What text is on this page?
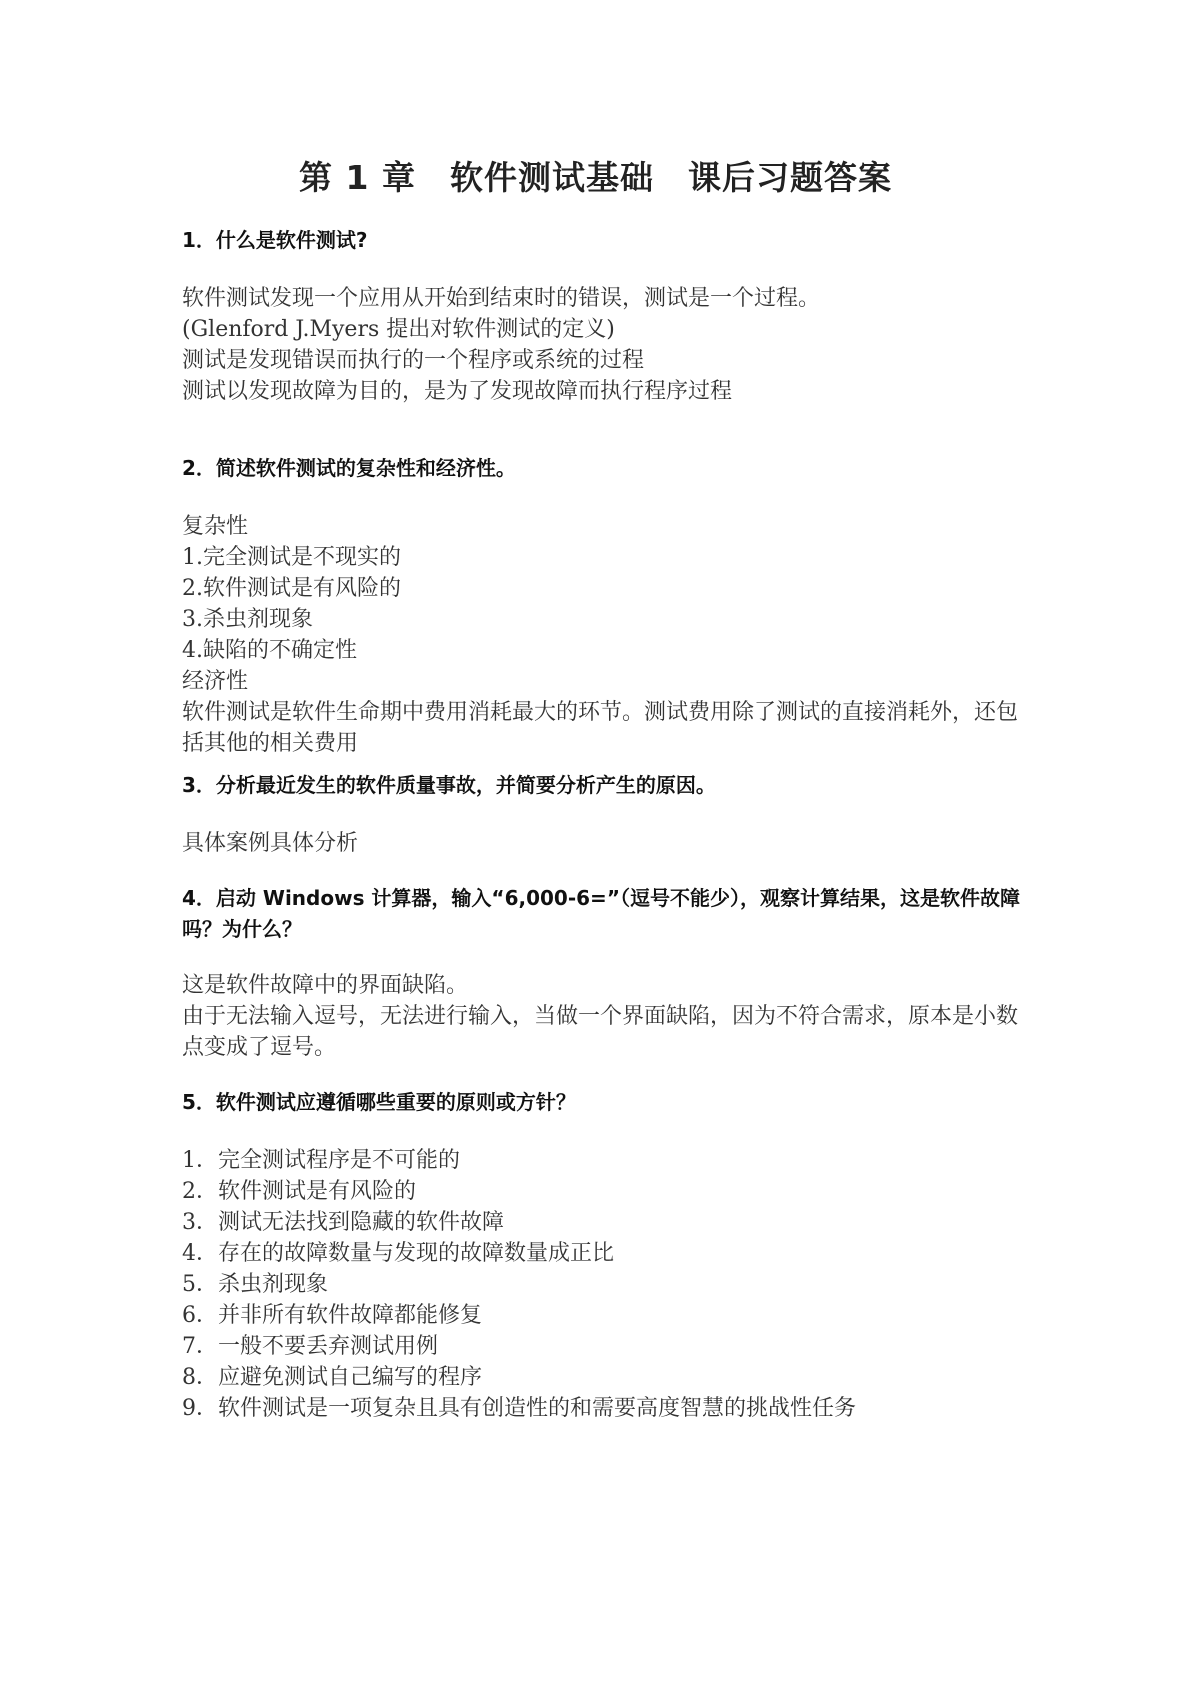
第 1 章　软件测试基础　课后习题答案
1．什么是软件测试?
软件测试发现一个应用从开始到结束时的错误，测试是一个过程。
(Glenford J.Myers 提出对软件测试的定义)
测试是发现错误而执行的一个程序或系统的过程
测试以发现故障为目的，是为了发现故障而执行程序过程
2．简述软件测试的复杂性和经济性。
复杂性
1.完全测试是不现实的
2.软件测试是有风险的
3.杀虫剂现象
4.缺陷的不确定性
经济性
软件测试是软件生命期中费用消耗最大的环节。测试费用除了测试的直接消耗外，还包括其他的相关费用
3．分析最近发生的软件质量事故，并简要分析产生的原因。
具体案例具体分析
4．启动 Windows 计算器，输入“6,000-6=”（逗号不能少），观察计算结果，这是软件故障吗？为什么？
这是软件故障中的界面缺陷。
由于无法输入逗号，无法进行输入，当做一个界面缺陷，因为不符合需求，原本是小数点变成了逗号。
5．软件测试应遵循哪些重要的原则或方针？
1．完全测试程序是不可能的
2．软件测试是有风险的
3．测试无法找到隐藏的软件故障
4．存在的故障数量与发现的故障数量成正比
5．杀虫剂现象
6．并非所有软件故障都能修复
7．一般不要丢弃测试用例
8．应避免测试自己编写的程序
9．软件测试是一项复杂且具有创造性的和需要高度智慧的挑战性任务
